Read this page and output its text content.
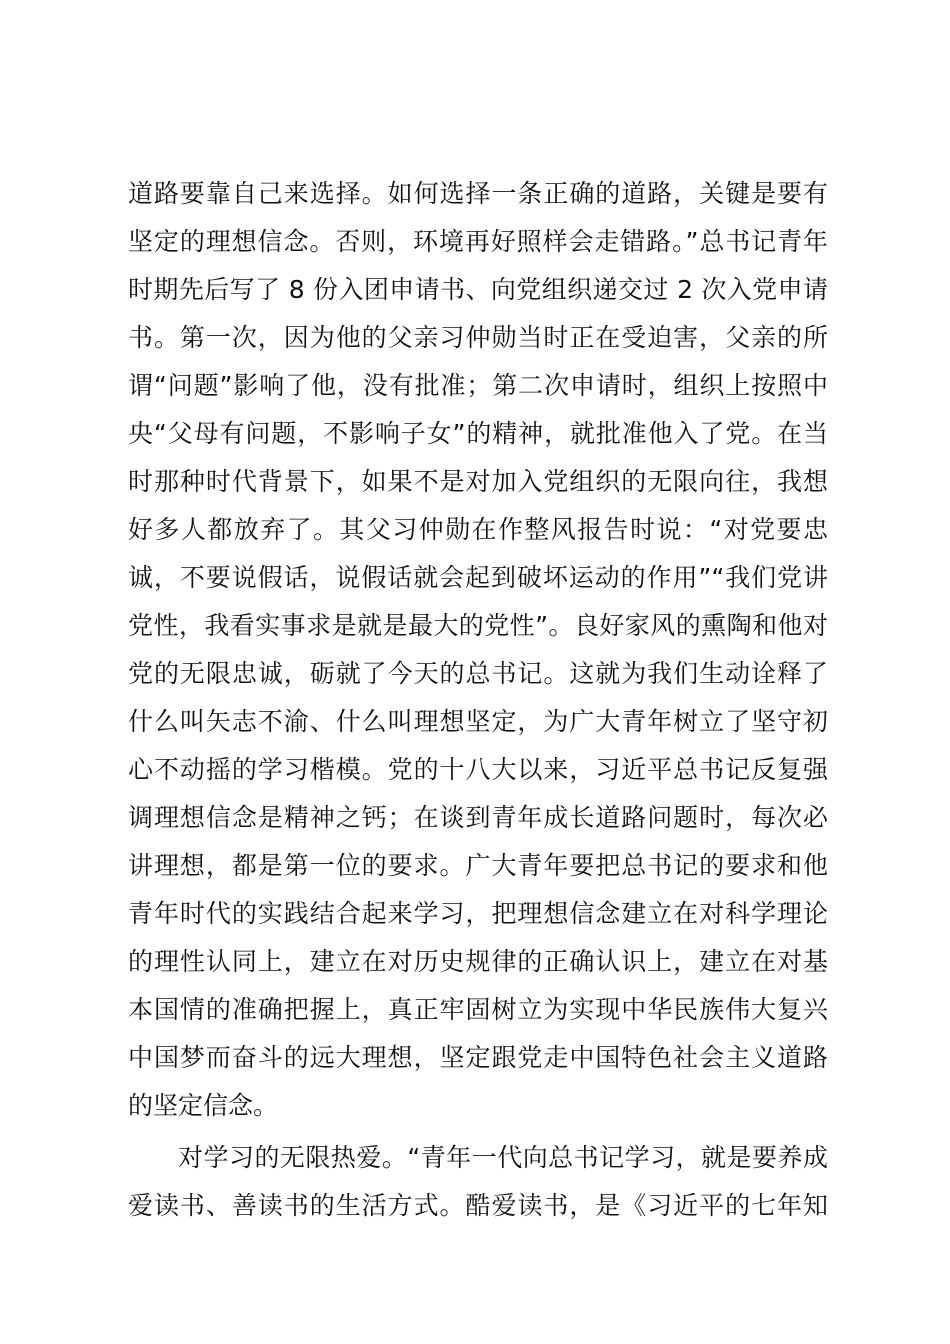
道路要靠自己来选择。如何选择一条正确的道路，关键是要有
坚定的理想信念。否则，环境再好照样会走错路。”总书记青年
时期先后写了 8 份入团申请书、向党组织递交过 2 次入党申请
书。第一次，因为他的父亲习仲勋当时正在受迫害，父亲的所
谓“问题”影响了他，没有批准；第二次申请时，组织上按照中
央“父母有问题，不影响子女”的精神，就批准他入了党。在当
时那种时代背景下，如果不是对加入党组织的无限向往，我想
好多人都放弃了。其父习仲勋在作整风报告时说：“对党要忠
诚，不要说假话，说假话就会起到破坏运动的作用”“我们党讲
党性，我看实事求是就是最大的党性”。良好家风的熏陶和他对
党的无限忠诚，砺就了今天的总书记。这就为我们生动诠释了
什么叫矢志不渝、什么叫理想坚定，为广大青年树立了坚守初
心不动摇的学习楷模。党的十八大以来，习近平总书记反复强
调理想信念是精神之钙；在谈到青年成长道路问题时，每次必
讲理想，都是第一位的要求。广大青年要把总书记的要求和他
青年时代的实践结合起来学习，把理想信念建立在对科学理论
的理性认同上，建立在对历史规律的正确认识上，建立在对基
本国情的准确把握上，真正牢固树立为实现中华民族伟大复兴
中国梦而奋斗的远大理想，坚定跟党走中国特色社会主义道路
的坚定信念。
对学习的无限热爱。“青年一代向总书记学习，就是要养成
爱读书、善读书的生活方式。酷爱读书，是《习近平的七年知
